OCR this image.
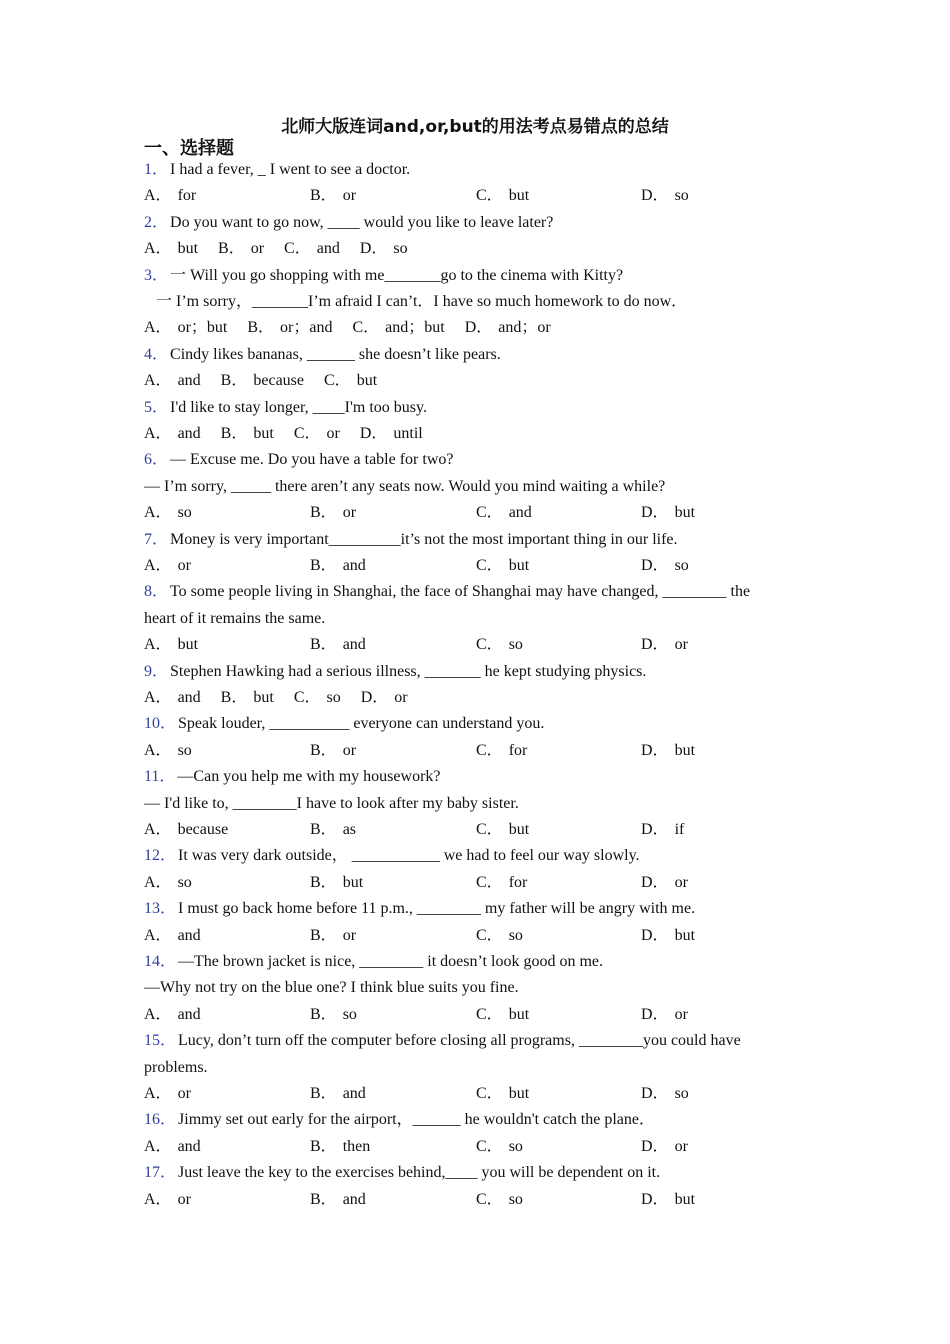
北师大版连词and,or,but的用法考点易错点的总结
一、选择题
1． I had a fever, _ I went to see a doctor.
A． for	B． or	C． but	D． so
2． Do you want to go now, ____ would you like to leave later?
A． but B． or C． and D． so
3． 一 Will you go shopping with me_______go to the cinema with Kitty?
一 I’m sorry，_______I’m afraid I can’t．I have so much homework to do now．
A． or；but B． or；and C． and；but D． and；or
4． Cindy likes bananas, ______ she doesn’t like pears.
A． and B． because C． but
5． I'd like to stay longer, ____I'm too busy.
A． and B． but C． or D． until
6． — Excuse me. Do you have a table for two?
— I’m sorry, _____ there aren’t any seats now. Would you mind waiting a while?
A． so	B． or	C． and	D． but
7． Money is very important_________it’s not the most important thing in our life.
A． or	B． and	C． but	D． so
8． To some people living in Shanghai, the face of Shanghai may have changed, ________ the heart of it remains the same.
A． but	B． and	C． so	D． or
9． Stephen Hawking had a serious illness, _______ he kept studying physics.
A． and B． but C． so D． or
10． Speak louder, __________ everyone can understand you.
A． so	B． or	C． for	D． but
11． —Can you help me with my housework?
— I'd like to, ________I have to look after my baby sister.
A． because	B． as	C． but	D． if
12． It was very dark outside， ___________ we had to feel our way slowly.
A． so	B． but	C． for	D． or
13． I must go back home before 11 p.m., ________ my father will be angry with me.
A． and	B． or	C． so	D． but
14． —The brown jacket is nice, ________ it doesn’t look good on me.
—Why not try on the blue one? I think blue suits you fine.
A． and	B． so	C． but	D． or
15． Lucy, don’t turn off the computer before closing all programs, ________you could have problems.
A． or	B． and	C． but	D． so
16． Jimmy set out early for the airport，______ he wouldn't catch the plane．
A． and	B． then	C． so	D． or
17． Just leave the key to the exercises behind,____ you will be dependent on it.
A． or	B． and	C． so	D． but
